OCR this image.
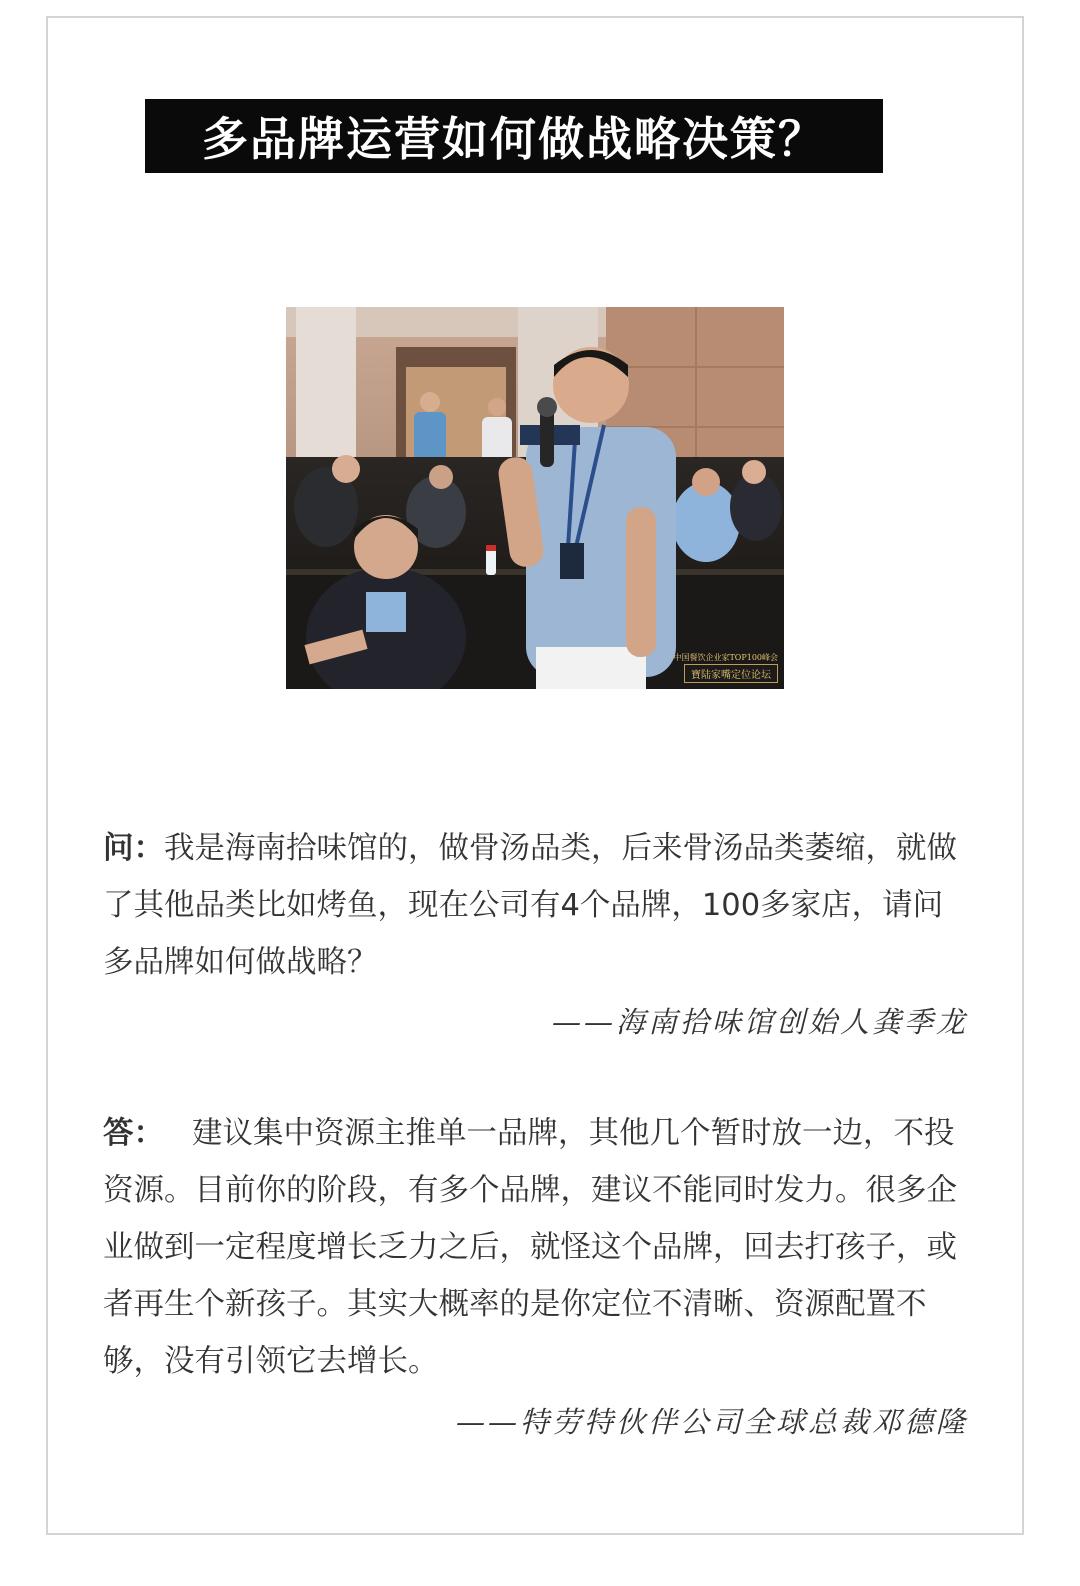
多品牌运营如何做战略决策？
中国餐饮企业家TOP100峰会
寶陆家嘴定位论坛

问：我是海南拾味馆的，做骨汤品类，后来骨汤品类萎缩，就做了其他品类比如烤鱼，现在公司有4个品牌，100多家店，请问多品牌如何做战略？

——海南拾味馆创始人龚季龙

答： 建议集中资源主推单一品牌，其他几个暂时放一边，不投资源。目前你的阶段，有多个品牌，建议不能同时发力。很多企业做到一定程度增长乏力之后，就怪这个品牌，回去打孩子，或者再生个新孩子。其实大概率的是你定位不清晰、资源配置不够，没有引领它去增长。

——特劳特伙伴公司全球总裁邓德隆
